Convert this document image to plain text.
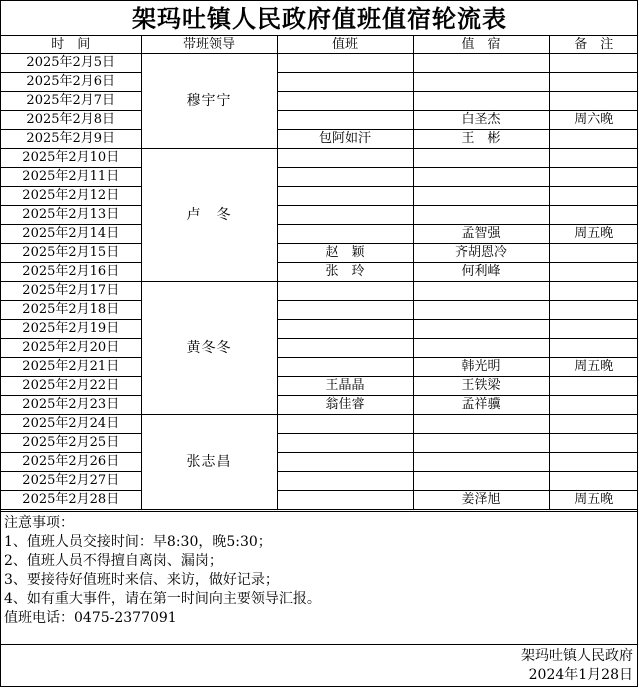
架玛吐镇人民政府值班值宿轮流表
时　间	带班领导	值班	值　宿	备　注
2025年2月5日	穆宇宁			
2025年2月6日				
2025年2月7日				
2025年2月8日			白圣杰	周六晚
2025年2月9日		包阿如汗	王　彬	
2025年2月10日	卢　冬			
2025年2月11日				
2025年2月12日				
2025年2月13日				
2025年2月14日			孟智强	周五晚
2025年2月15日		赵　颖	齐胡恩冷	
2025年2月16日		张　玲	何利峰	
2025年2月17日	黄冬冬			
2025年2月18日				
2025年2月19日				
2025年2月20日				
2025年2月21日			韩光明	周五晚
2025年2月22日		王晶晶	王铁梁	
2025年2月23日		翁佳睿	孟祥骥	
2025年2月24日	张志昌			
2025年2月25日				
2025年2月26日				
2025年2月27日				
2025年2月28日			姜泽旭	周五晚
注意事项：
1、值班人员交接时间：早8:30，晚5:30；
2、值班人员不得擅自离岗、漏岗；
3、要接待好值班时来信、来访，做好记录；
4、如有重大事件，请在第一时间向主要领导汇报。
值班电话：0475-2377091
架玛吐镇人民政府
2024年1月28日
